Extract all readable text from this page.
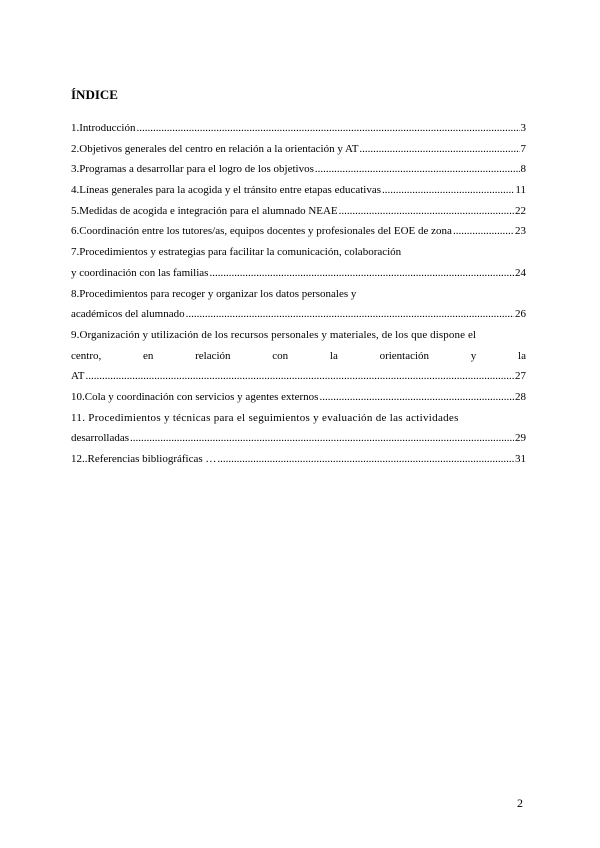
ÍNDICE
1.Introducción .....	3
2.Objetivos generales del centro en relación a la orientación y AT .....	7
3.Programas a desarrollar para el logro de los objetivos .....	8
4.Líneas generales para la acogida y el tránsito entre etapas educativas .....	11
5.Medidas de acogida e integración para el alumnado NEAE .....	22
6.Coordinación entre los tutores/as, equipos docentes y profesionales del EOE de zona .....	23
7.Procedimientos y estrategias para facilitar la comunicación, colaboración
y coordinación con las familias .....	24
8.Procedimientos para recoger y organizar los datos personales y
académicos del alumnado .....	26
9.Organización y utilización de los recursos personales y materiales, de los que dispone el
centro,	en	relación	con	la	orientación	y	la
AT .....	27
10.Cola y coordinación con servicios y agentes externos .....	28
11. Procedimientos y técnicas para el seguimientos y evaluación de las actividades
desarrolladas .....	29
12..Referencias bibliográficas … .....	31
2
